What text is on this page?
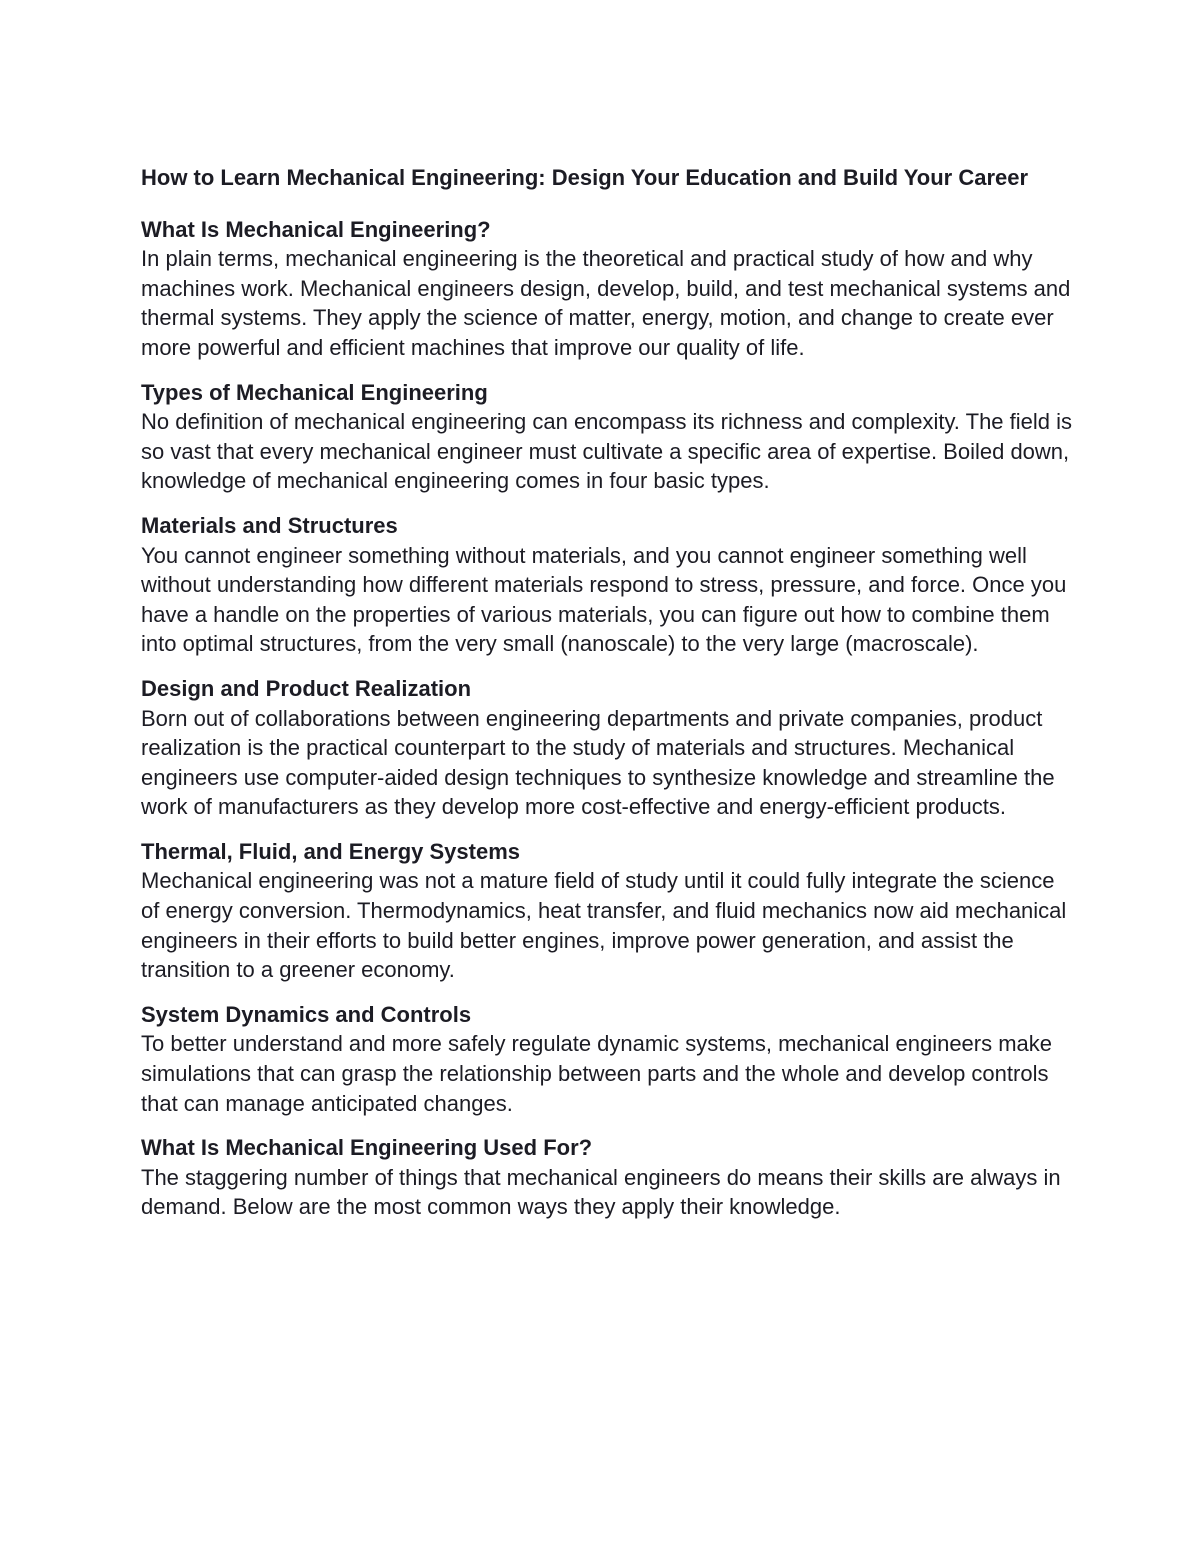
How to Learn Mechanical Engineering: Design Your Education and Build Your Career
What Is Mechanical Engineering?
In plain terms, mechanical engineering is the theoretical and practical study of how and why machines work. Mechanical engineers design, develop, build, and test mechanical systems and thermal systems. They apply the science of matter, energy, motion, and change to create ever more powerful and efficient machines that improve our quality of life.
Types of Mechanical Engineering
No definition of mechanical engineering can encompass its richness and complexity. The field is so vast that every mechanical engineer must cultivate a specific area of expertise. Boiled down, knowledge of mechanical engineering comes in four basic types.
Materials and Structures
You cannot engineer something without materials, and you cannot engineer something well without understanding how different materials respond to stress, pressure, and force. Once you have a handle on the properties of various materials, you can figure out how to combine them into optimal structures, from the very small (nanoscale) to the very large (macroscale).
Design and Product Realization
Born out of collaborations between engineering departments and private companies, product realization is the practical counterpart to the study of materials and structures. Mechanical engineers use computer-aided design techniques to synthesize knowledge and streamline the work of manufacturers as they develop more cost-effective and energy-efficient products.
Thermal, Fluid, and Energy Systems
Mechanical engineering was not a mature field of study until it could fully integrate the science of energy conversion. Thermodynamics, heat transfer, and fluid mechanics now aid mechanical engineers in their efforts to build better engines, improve power generation, and assist the transition to a greener economy.
System Dynamics and Controls
To better understand and more safely regulate dynamic systems, mechanical engineers make simulations that can grasp the relationship between parts and the whole and develop controls that can manage anticipated changes.
What Is Mechanical Engineering Used For?
The staggering number of things that mechanical engineers do means their skills are always in demand. Below are the most common ways they apply their knowledge.
